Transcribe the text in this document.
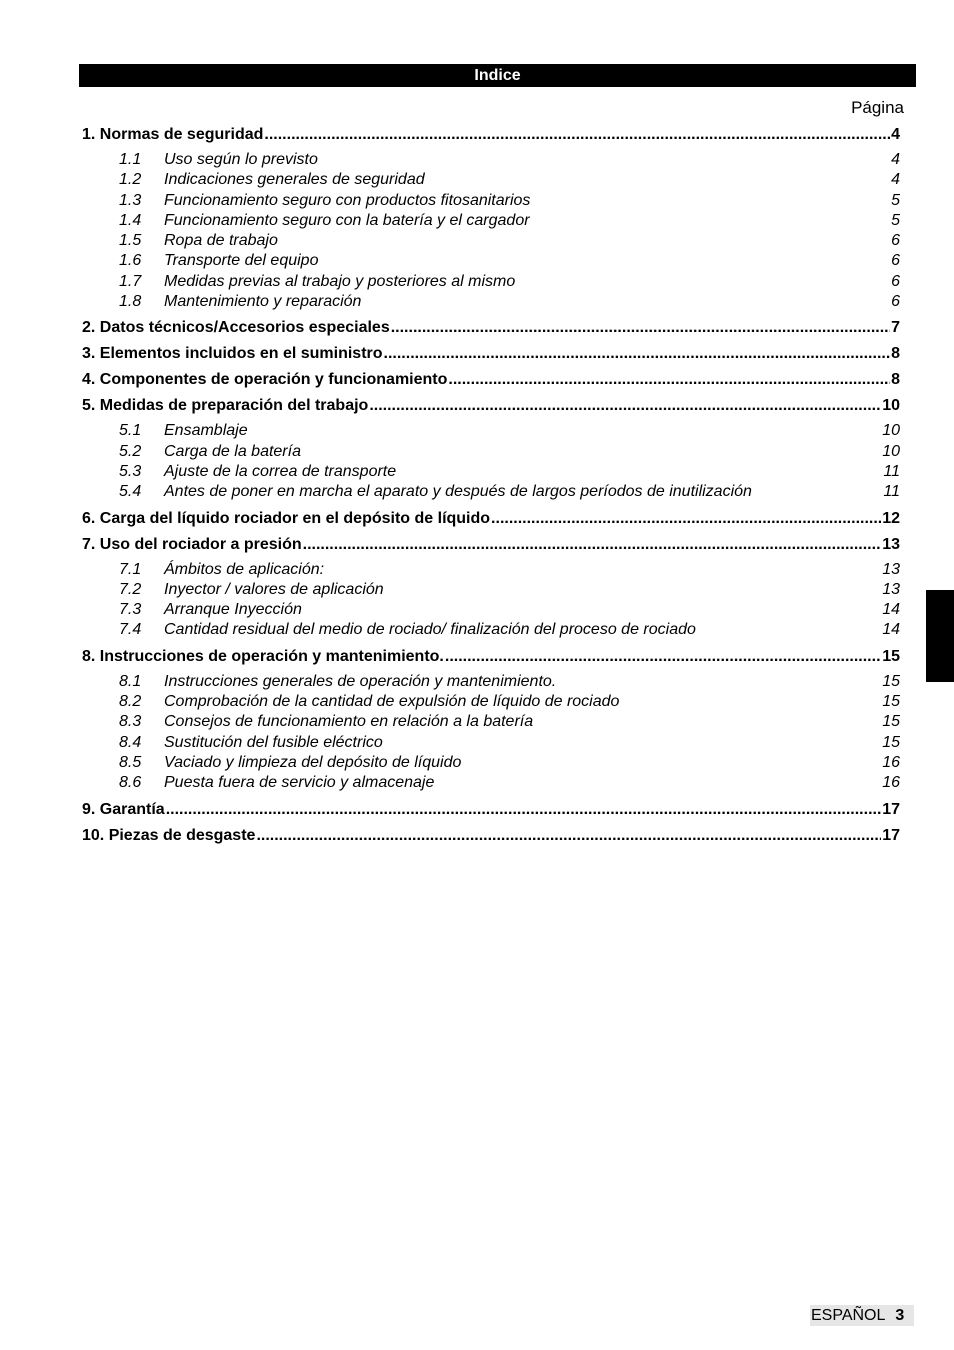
Indice
Página
1. Normas de seguridad .....	4
1.1	Uso según lo previsto	4
1.2	Indicaciones generales de seguridad	4
1.3	Funcionamiento seguro con productos fitosanitarios	5
1.4	Funcionamiento seguro con la batería y el cargador	5
1.5	Ropa de trabajo	6
1.6	Transporte del equipo	6
1.7	Medidas previas al trabajo y posteriores al mismo	6
1.8	Mantenimiento y reparación	6
2. Datos técnicos/Accesorios especiales .....	7
3. Elementos incluidos en el suministro .....	8
4. Componentes de operación y funcionamiento .....	8
5. Medidas de preparación del trabajo .....	10
5.1	Ensamblaje	10
5.2	Carga de la batería	10
5.3	Ajuste de la correa de transporte	11
5.4	Antes de poner en marcha el aparato y después de largos períodos de inutilización	11
6. Carga del líquido rociador en el depósito de líquido .....	12
7. Uso del rociador a presión .....	13
7.1	Ámbitos de aplicación:	13
7.2	Inyector / valores de aplicación	13
7.3	Arranque Inyección	14
7.4	Cantidad residual del medio de rociado/ finalización del proceso de rociado	14
8. Instrucciones de operación y mantenimiento. .....	15
8.1	Instrucciones generales de operación y mantenimiento.	15
8.2	Comprobación de la cantidad de expulsión de líquido de rociado	15
8.3	Consejos de funcionamiento en relación a la batería	15
8.4	Sustitución del fusible eléctrico	15
8.5	Vaciado y limpieza del depósito de líquido	16
8.6	Puesta fuera de servicio y almacenaje	16
9. Garantía .....	17
10. Piezas de desgaste .....	17
ESPAÑOL 3
